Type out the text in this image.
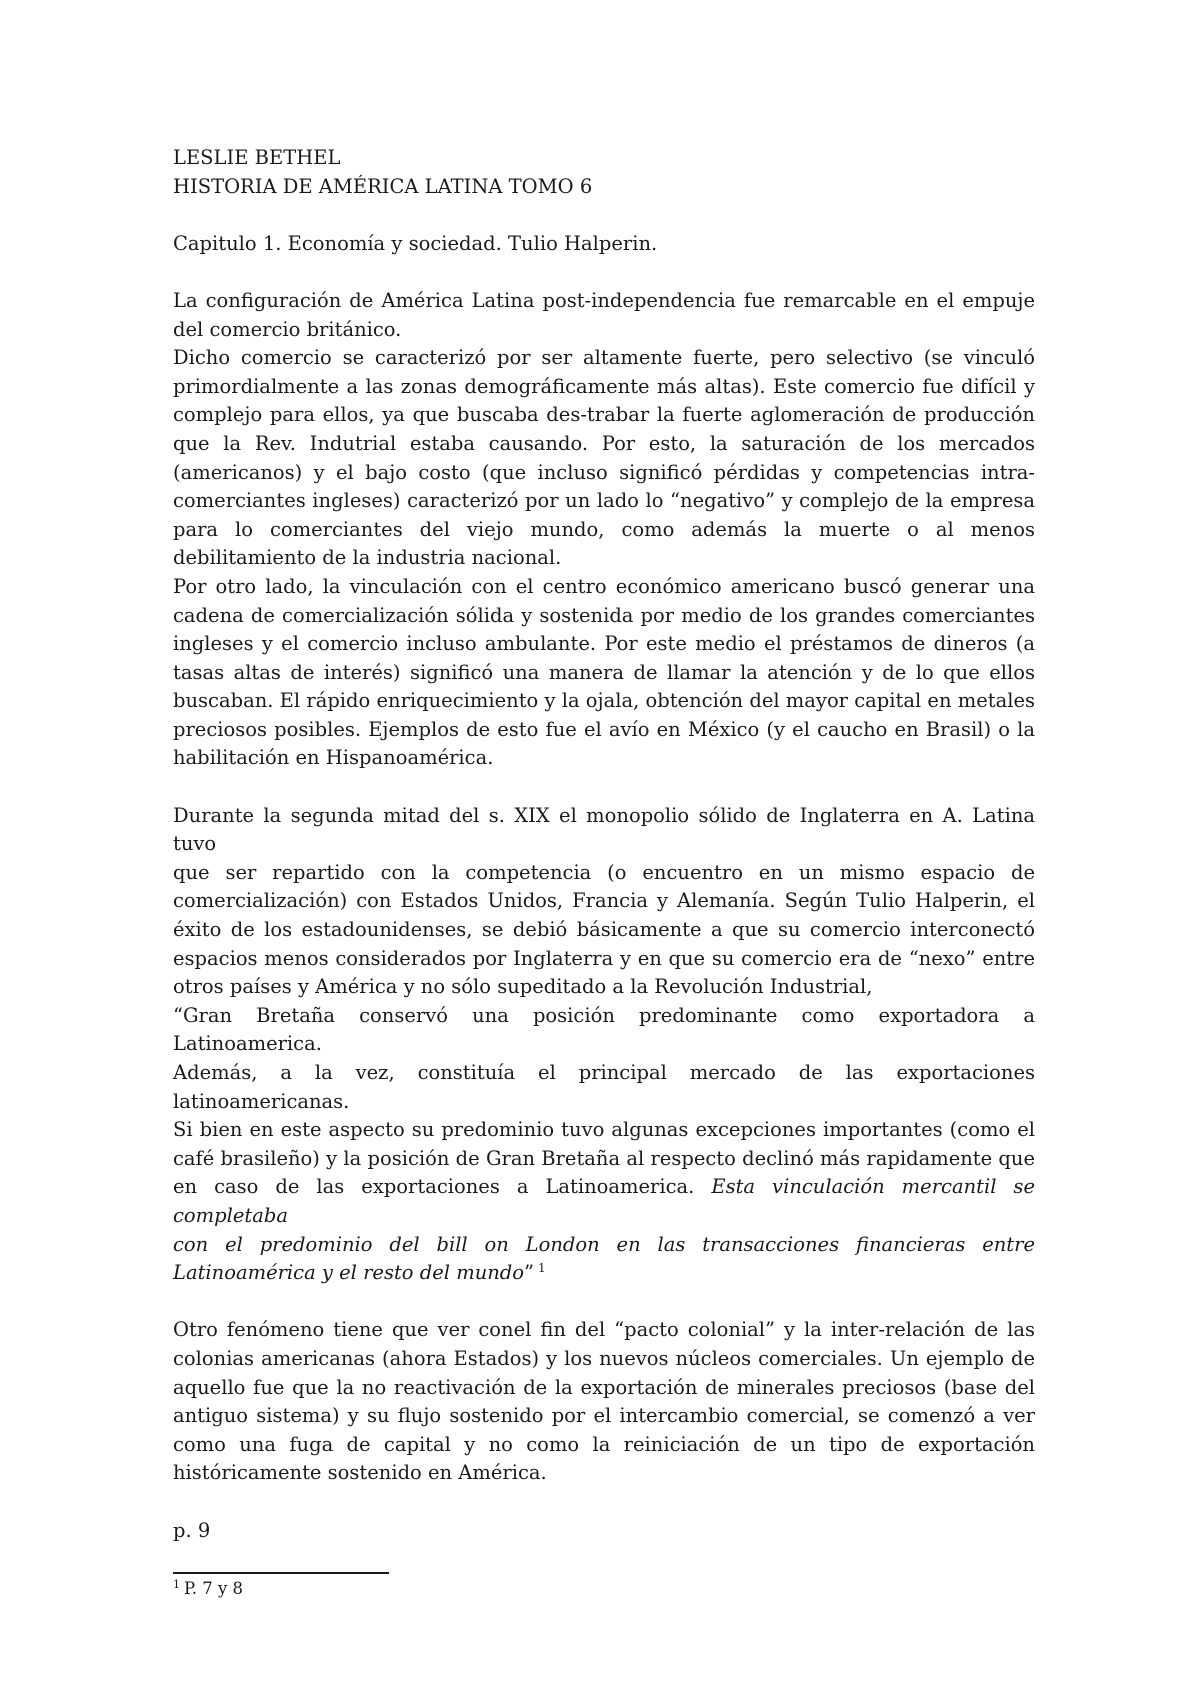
LESLIE BETHEL
HISTORIA DE AMÉRICA LATINA TOMO 6
Capitulo 1. Economía y sociedad. Tulio Halperin.
La configuración de América Latina post-independencia fue remarcable en el empuje
del comercio británico.
Dicho comercio se caracterizó por ser altamente fuerte, pero selectivo (se vinculó
primordialmente a las zonas demográficamente más altas). Este comercio fue difícil y
complejo para ellos, ya que buscaba des-trabar la fuerte aglomeración de producción
que la Rev. Indutrial estaba causando. Por esto, la saturación de los mercados
(americanos) y el bajo costo (que incluso significó pérdidas y competencias intra-
comerciantes ingleses) caracterizó por un lado lo “negativo” y complejo de la empresa
para lo comerciantes del viejo mundo, como además la muerte o al menos
debilitamiento de la industria nacional.
Por otro lado, la vinculación con el centro económico americano buscó generar una
cadena de comercialización sólida y sostenida por medio de los grandes comerciantes
ingleses y el comercio incluso ambulante. Por este medio el préstamos de dineros (a
tasas altas de interés) significó una manera de llamar la atención y de lo que ellos
buscaban. El rápido enriquecimiento y la ojala, obtención del mayor capital en metales
preciosos posibles. Ejemplos de esto fue el avío en México (y el caucho en Brasil) o la
habilitación en Hispanoamérica.
Durante la segunda mitad del s. XIX el monopolio sólido de Inglaterra en A. Latina tuvo
que ser repartido con la competencia (o encuentro en un mismo espacio de
comercialización) con Estados Unidos, Francia y Alemanía. Según Tulio Halperin, el
éxito de los estadounidenses, se debió básicamente a que su comercio interconectó
espacios menos considerados por Inglaterra y en que su comercio era de “nexo” entre
otros países y América y no sólo supeditado a la Revolución Industrial,
“Gran Bretaña conservó una posición predominante como exportadora a Latinoamerica.
Además, a la vez, constituía el principal mercado de las exportaciones latinoamericanas.
Si bien en este aspecto su predominio tuvo algunas excepciones importantes (como el
café brasileño) y la posición de Gran Bretaña al respecto declinó más rapidamente que
en caso de las exportaciones a Latinoamerica. Esta vinculación mercantil se completaba
con el predominio del bill on London en las transacciones financieras entre
Latinoamérica y el resto del mundo” $^1$
Otro fenómeno tiene que ver conel fin del “pacto colonial” y la inter-relación de las
colonias americanas (ahora Estados) y los nuevos núcleos comerciales. Un ejemplo de
aquello fue que la no reactivación de la exportación de minerales preciosos (base del
antiguo sistema) y su flujo sostenido por el intercambio comercial, se comenzó a ver
como una fuga de capital y no como la reiniciación de un tipo de exportación
históricamente sostenido en América.
p. 9
$^1$ P. 7 y 8
